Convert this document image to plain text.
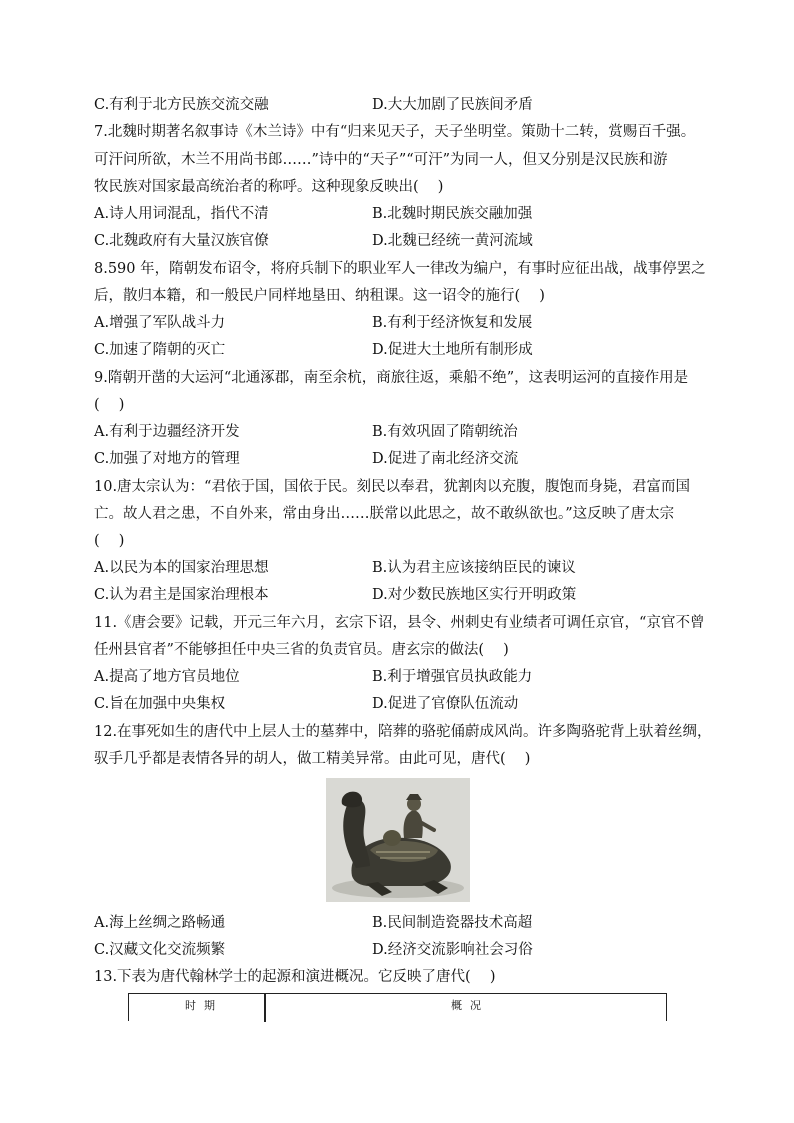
C.有利于北方民族交流交融	D.大大加剧了民族间矛盾
7.北魏时期著名叙事诗《木兰诗》中有“归来见天子，天子坐明堂。策勋十二转，赏赐百千强。
可汗问所欲，木兰不用尚书郎……”诗中的“天子”“可汗”为同一人，但又分别是汉民族和游
牧民族对国家最高统治者的称呼。这种现象反映出(　 )
A.诗人用词混乱，指代不清	B.北魏时期民族交融加强
C.北魏政府有大量汉族官僚	D.北魏已经统一黄河流域
8.590 年，隋朝发布诏令，将府兵制下的职业军人一律改为编户，有事时应征出战，战事停罢之
后，散归本籍，和一般民户同样地垦田、纳租课。这一诏令的施行(　 )
A.增强了军队战斗力	B.有利于经济恢复和发展
C.加速了隋朝的灭亡	D.促进大土地所有制形成
9.隋朝开凿的大运河“北通涿郡，南至余杭，商旅往返，乘船不绝”，这表明运河的直接作用是
(　 )
A.有利于边疆经济开发	B.有效巩固了隋朝统治
C.加强了对地方的管理	D.促进了南北经济交流
10.唐太宗认为：“君依于国，国依于民。刻民以奉君，犹割肉以充腹，腹饱而身毙，君富而国
亡。故人君之患，不自外来，常由身出……朕常以此思之，故不敢纵欲也。”这反映了唐太宗
(　 )
A.以民为本的国家治理思想	B.认为君主应该接纳臣民的谏议
C.认为君主是国家治理根本	D.对少数民族地区实行开明政策
11.《唐会要》记载，开元三年六月，玄宗下诏，县令、州刺史有业绩者可调任京官，“京官不曾
任州县官者”不能够担任中央三省的负责官员。唐玄宗的做法(　 )
A.提高了地方官员地位	B.利于增强官员执政能力
C.旨在加强中央集权	D.促进了官僚队伍流动
12.在事死如生的唐代中上层人士的墓葬中，陪葬的骆驼俑蔚成风尚。许多陶骆驼背上驮着丝绸，
驭手几乎都是表情各异的胡人，做工精美异常。由此可见，唐代(　 )
A.海上丝绸之路畅通	B.民间制造瓷器技术高超
C.汉藏文化交流频繁	D.经济交流影响社会习俗
13.下表为唐代翰林学士的起源和演进概况。它反映了唐代(　 )
时期	概况
